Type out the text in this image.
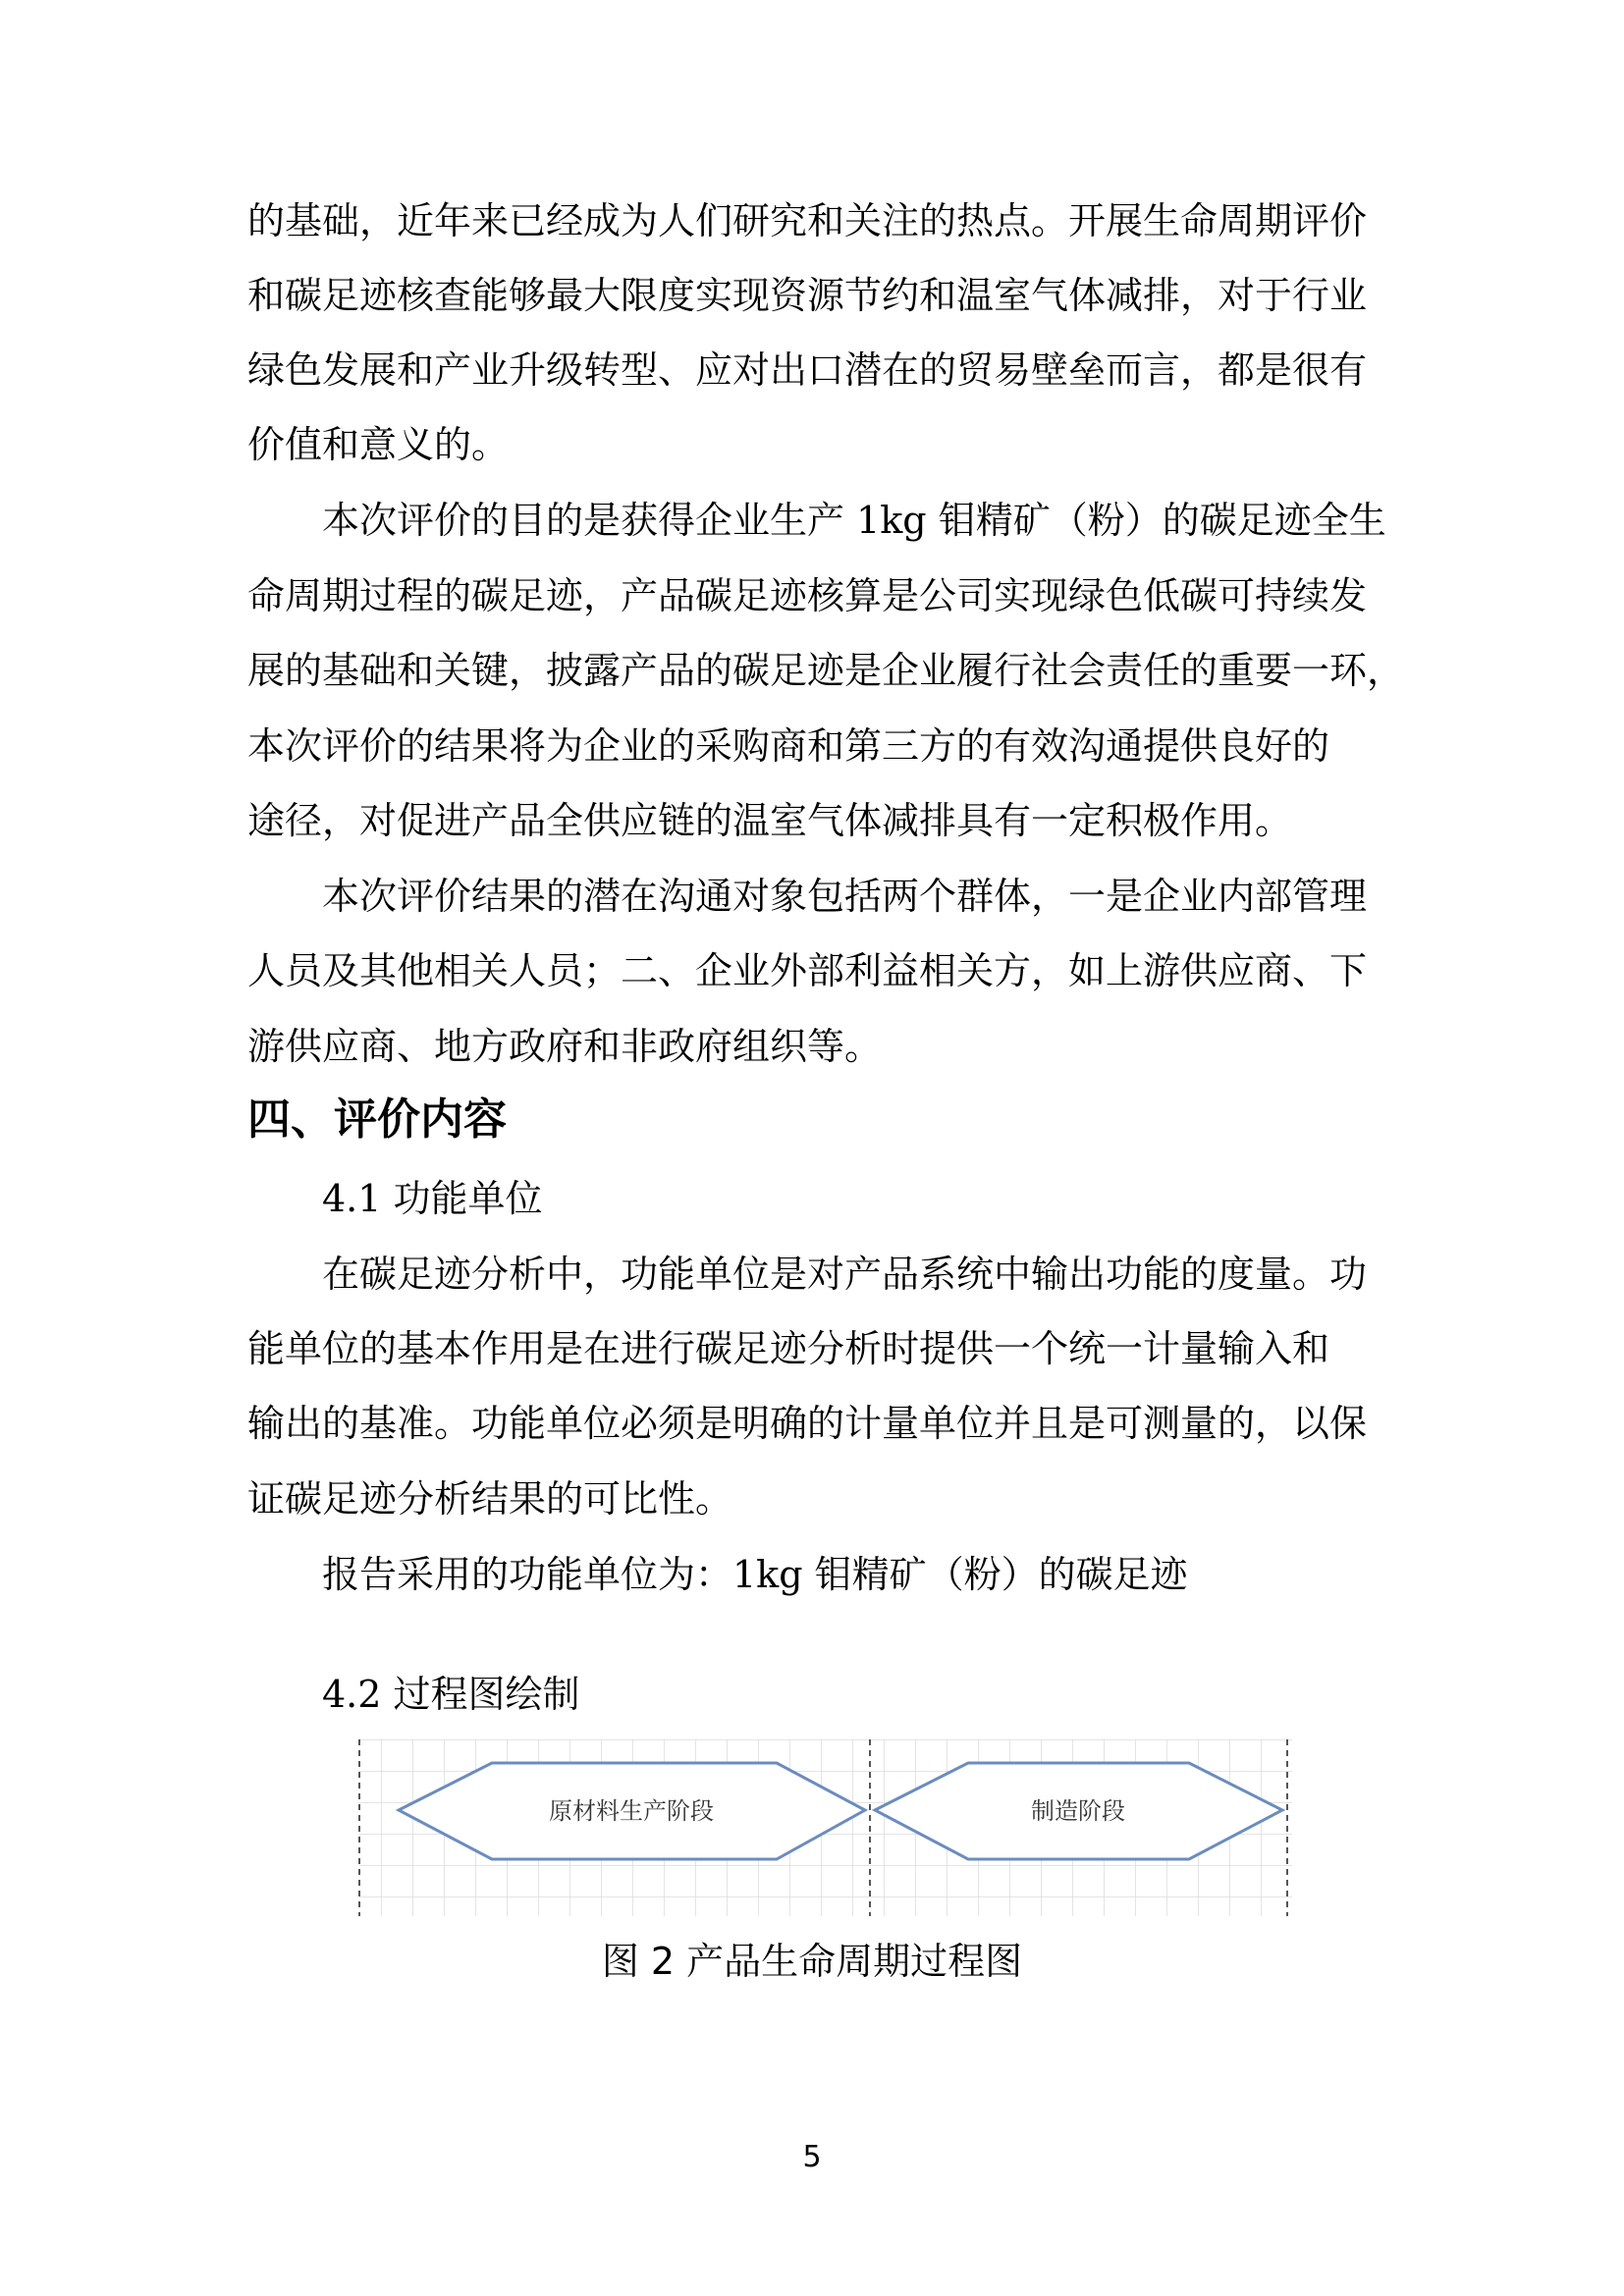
的基础，近年来已经成为人们研究和关注的热点。开展生命周期评价

和碳足迹核查能够最大限度实现资源节约和温室气体减排，对于行业

绿色发展和产业升级转型、应对出口潜在的贸易壁垒而言，都是很有

价值和意义的。

本次评价的目的是获得企业生产 1kg 钼精矿（粉）的碳足迹全生

命周期过程的碳足迹，产品碳足迹核算是公司实现绿色低碳可持续发

展的基础和关键，披露产品的碳足迹是企业履行社会责任的重要一环，

本次评价的结果将为企业的采购商和第三方的有效沟通提供良好的

途径，对促进产品全供应链的温室气体减排具有一定积极作用。

本次评价结果的潜在沟通对象包括两个群体，一是企业内部管理

人员及其他相关人员；二、企业外部利益相关方，如上游供应商、下

游供应商、地方政府和非政府组织等。

四、评价内容

4.1 功能单位

在碳足迹分析中，功能单位是对产品系统中输出功能的度量。功

能单位的基本作用是在进行碳足迹分析时提供一个统一计量输入和

输出的基准。功能单位必须是明确的计量单位并且是可测量的，以保

证碳足迹分析结果的可比性。

报告采用的功能单位为：1kg 钼精矿（粉）的碳足迹

4.2 过程图绘制

原材料生产阶段	制造阶段

图 2 产品生命周期过程图

5
